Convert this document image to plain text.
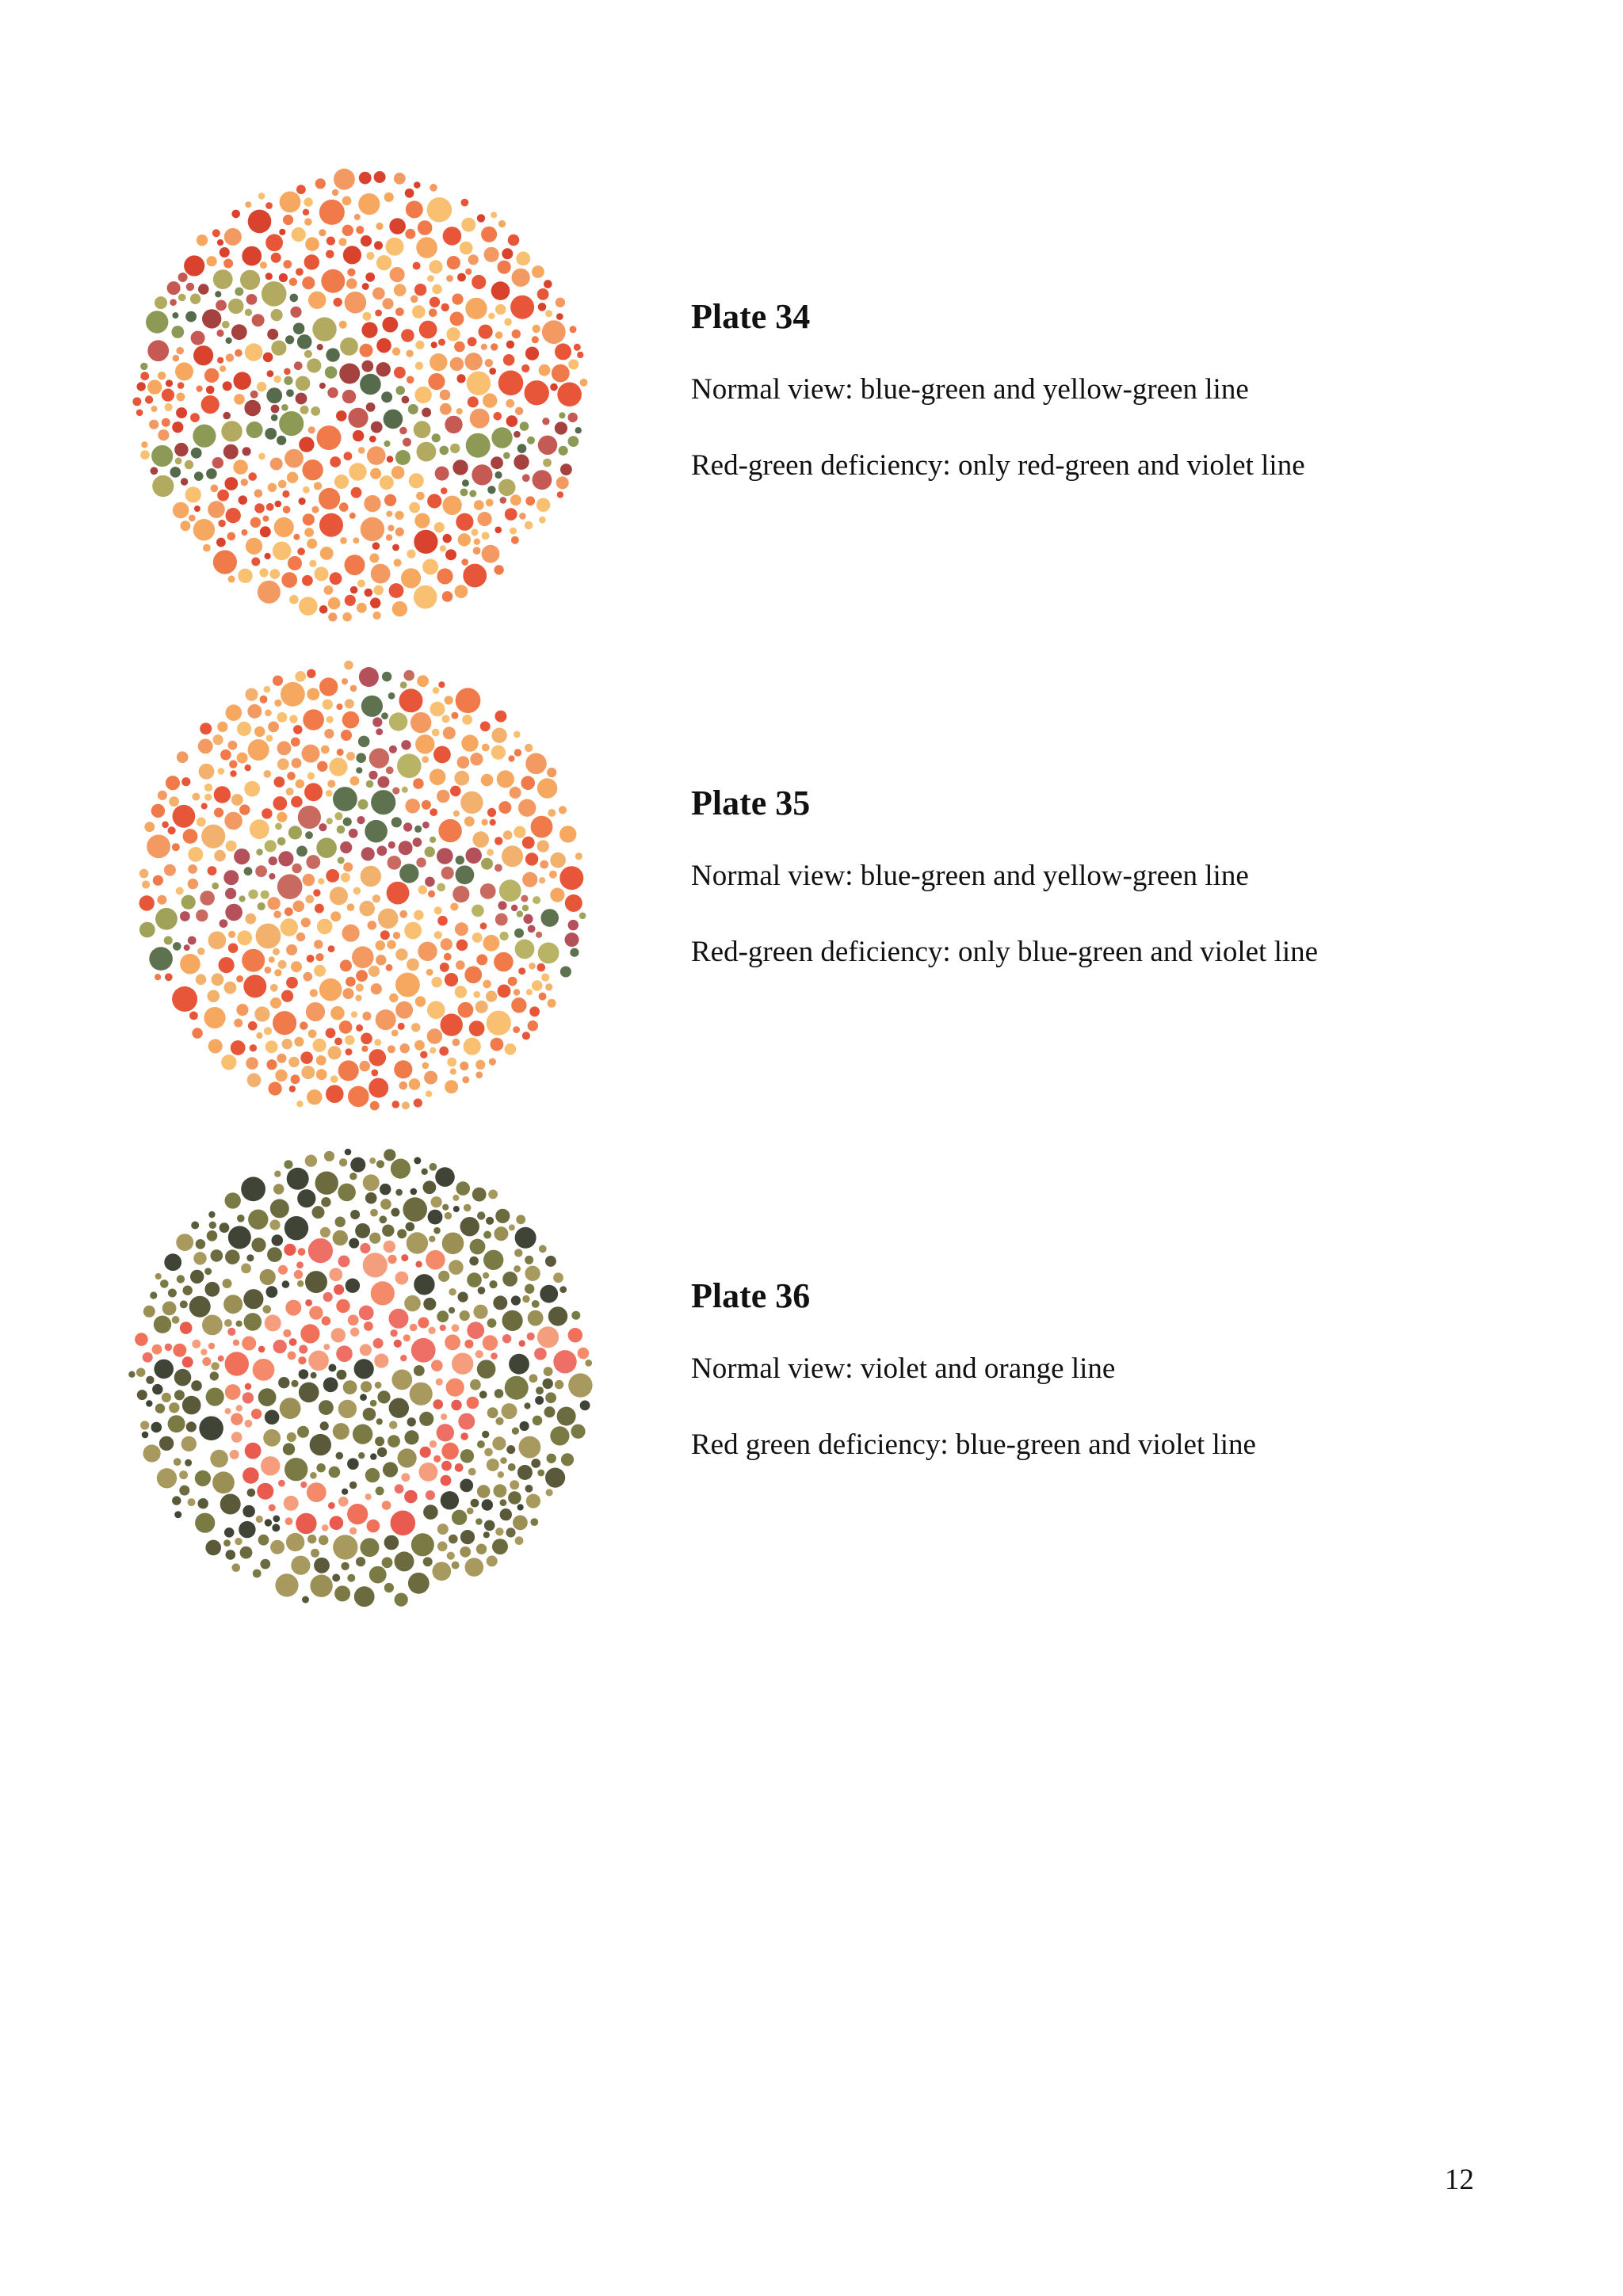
Plate 34

Normal view: blue-green and yellow-green line

Red-green deficiency: only red-green and violet line

Plate 35

Normal view: blue-green and yellow-green line

Red-green deficiency: only blue-green and violet line

Plate 36

Normal view: violet and orange line

Red green deficiency: blue-green and violet line

12
